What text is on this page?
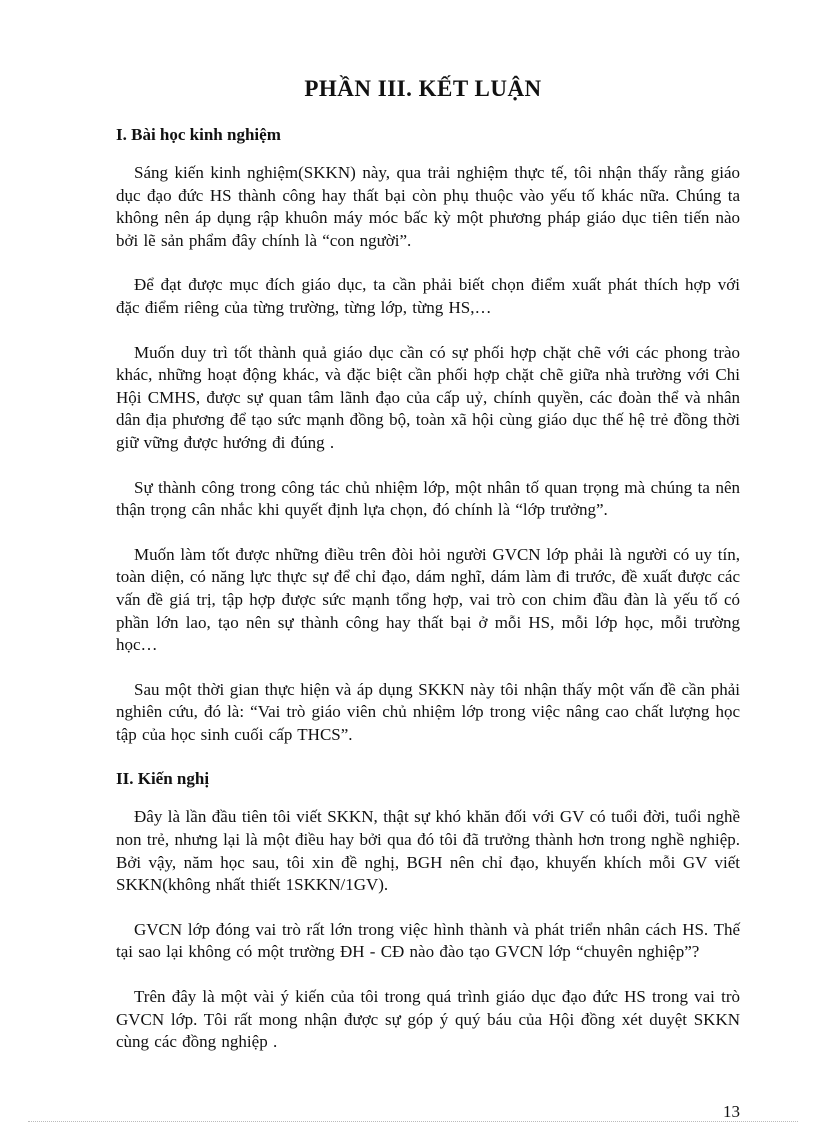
PHẦN III. KẾT LUẬN
I. Bài học kinh nghiệm

Sáng kiến kinh nghiệm(SKKN) này, qua trải nghiệm thực tế, tôi nhận thấy rằng giáo dục đạo đức HS thành công hay thất bại còn phụ thuộc vào yếu tố khác nữa. Chúng ta không nên áp dụng rập khuôn máy móc bấc kỳ một phương pháp giáo dục tiên tiến nào bởi lẽ sản phẩm đây chính là “con người”.

Để đạt được mục đích giáo dục, ta cần phải biết chọn điểm xuất phát thích hợp với đặc điểm riêng của từng trường, từng lớp, từng HS,…

Muốn duy trì tốt thành quả giáo dục cần có sự phối hợp chặt chẽ với các phong trào khác, những hoạt động khác, và đặc biệt cần phối hợp chặt chẽ giữa nhà trường với Chi Hội CMHS, được sự quan tâm lãnh đạo của cấp uỷ, chính quyền, các đoàn thể và nhân dân địa phương để tạo sức mạnh đồng bộ, toàn xã hội cùng giáo dục thế hệ trẻ đồng thời giữ vững được hướng đi đúng .

Sự thành công trong công tác chủ nhiệm lớp, một nhân tố quan trọng mà chúng ta nên thận trọng cân nhắc khi quyết định lựa chọn, đó chính là “lớp trưởng”.

Muốn làm tốt được những điều trên đòi hỏi người GVCN lớp phải là người có uy tín, toàn diện, có năng lực thực sự để chỉ đạo, dám nghĩ, dám làm đi trước, đề xuất được các vấn đề giá trị, tập hợp được sức mạnh tổng hợp, vai trò con chim đầu đàn là yếu tố có phần lớn lao, tạo nên sự thành công hay thất bại ở mỗi HS, mỗi lớp học, mỗi trường học…

Sau một thời gian thực hiện và áp dụng SKKN này tôi nhận thấy một vấn đề cần phải nghiên cứu, đó là: “Vai trò giáo viên chủ nhiệm lớp trong việc nâng cao chất lượng học tập của học sinh cuối cấp THCS”.

II. Kiến nghị

Đây là lần đầu tiên tôi viết SKKN, thật sự khó khăn đối với GV có tuổi đời, tuổi nghề non trẻ, nhưng lại là một điều hay bởi qua đó tôi đã trưởng thành hơn trong nghề nghiệp. Bởi vậy, năm học sau, tôi xin đề nghị, BGH nên chỉ đạo, khuyến khích mỗi GV viết SKKN(không nhất thiết 1SKKN/1GV).

GVCN lớp đóng vai trò rất lớn trong việc hình thành và phát triển nhân cách HS. Thế tại sao lại không có một trường ĐH - CĐ nào đào tạo GVCN lớp “chuyên nghiệp”?

Trên đây là một vài ý kiến của tôi trong quá trình giáo dục đạo đức HS trong vai trò GVCN lớp. Tôi rất mong nhận được sự góp ý quý báu của Hội đồng xét duyệt SKKN cùng các đồng nghiệp .

13
